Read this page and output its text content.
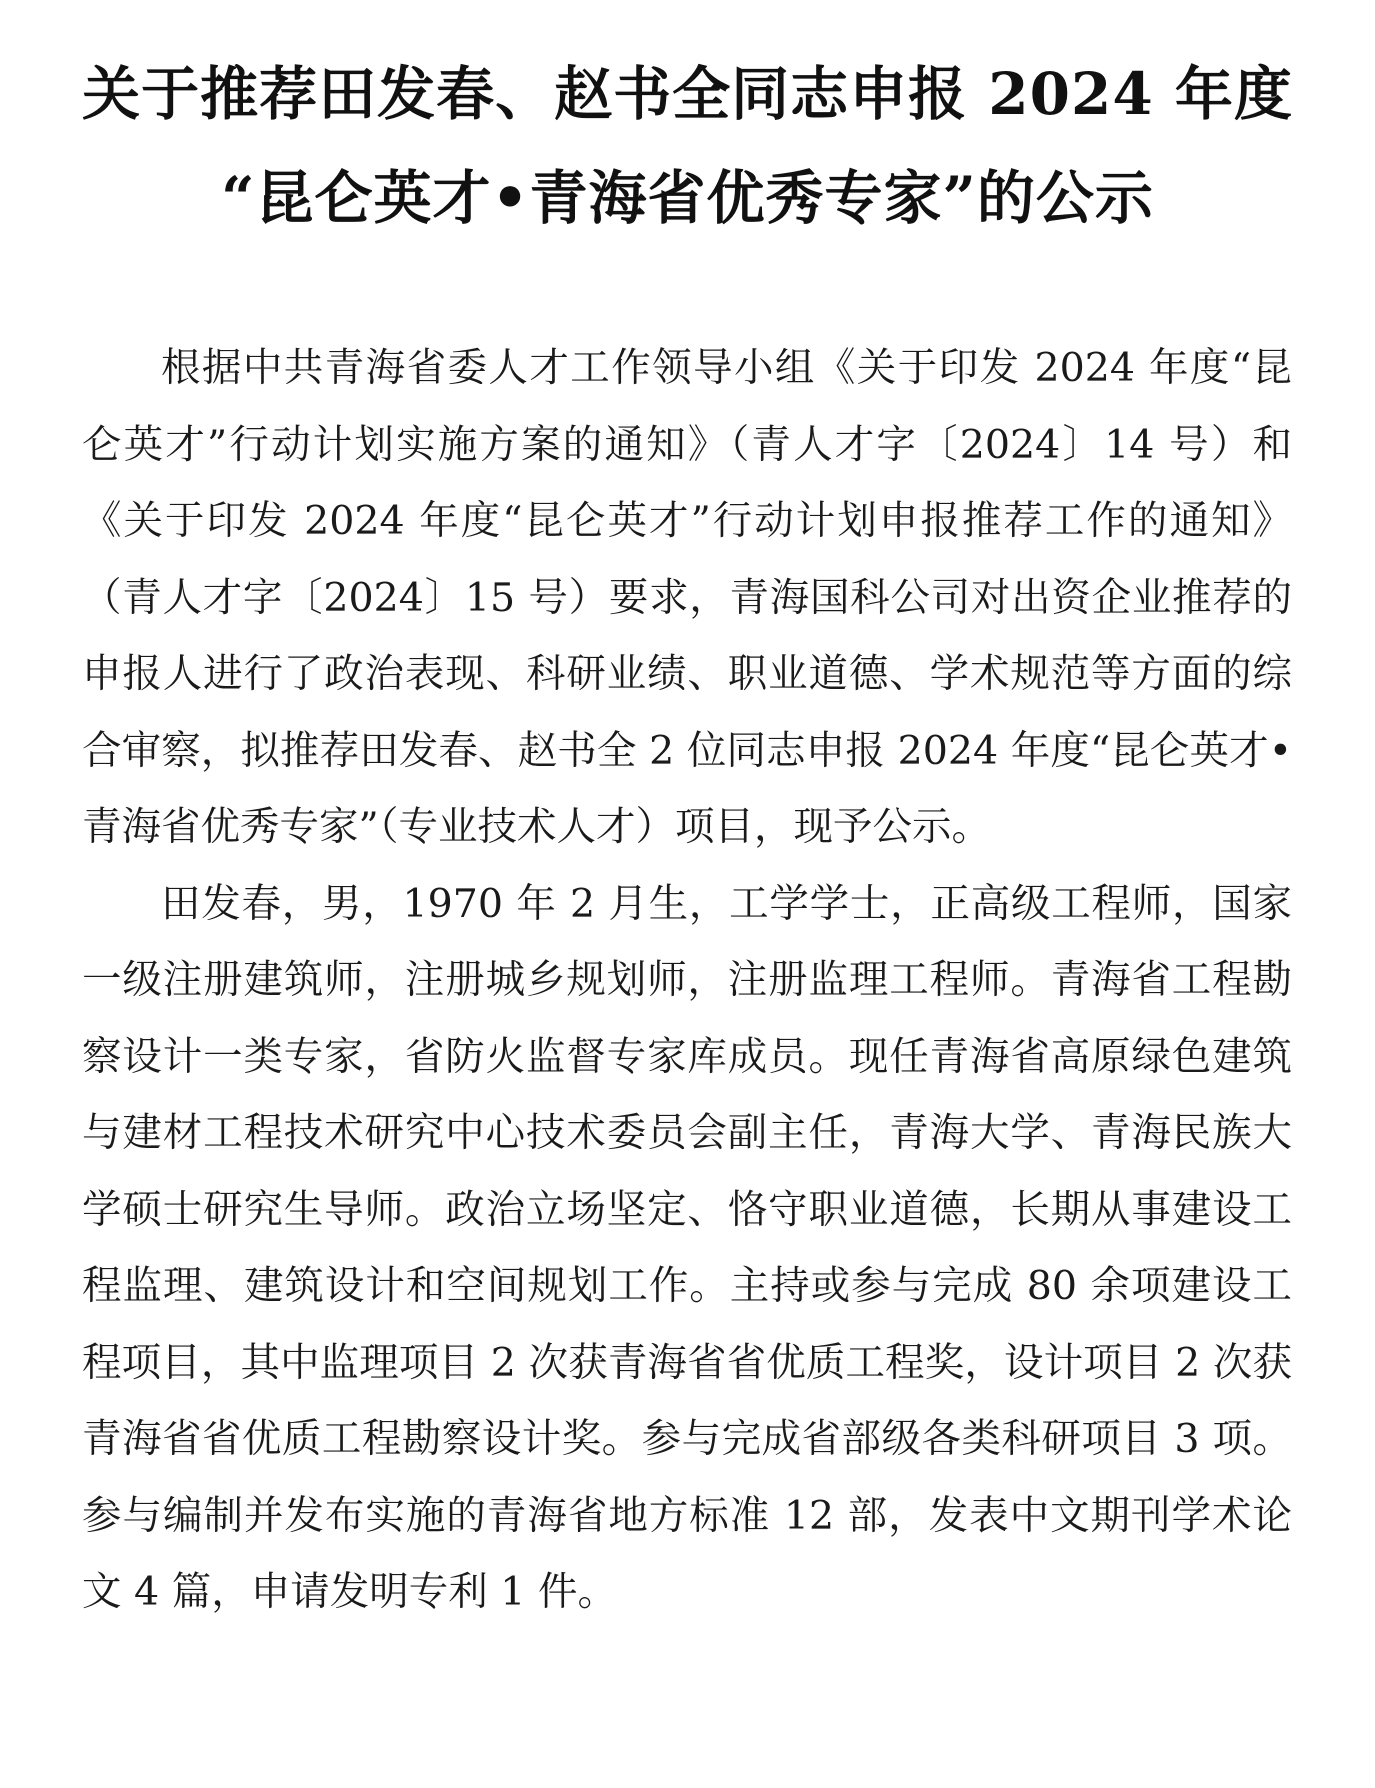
关于推荐田发春、赵书全同志申报 2024 年度
“昆仑英才•青海省优秀专家”的公示

根据中共青海省委人才工作领导小组《关于印发 2024 年度“昆仑英才”行动计划实施方案的通知》（青人才字〔2024〕14 号）和《关于印发 2024 年度“昆仑英才”行动计划申报推荐工作的通知》（青人才字〔2024〕15 号）要求，青海国科公司对出资企业推荐的申报人进行了政治表现、科研业绩、职业道德、学术规范等方面的综合审察，拟推荐田发春、赵书全 2 位同志申报 2024 年度“昆仑英才•青海省优秀专家”（专业技术人才）项目，现予公示。

田发春，男，1970 年 2 月生，工学学士，正高级工程师，国家一级注册建筑师，注册城乡规划师，注册监理工程师。青海省工程勘察设计一类专家，省防火监督专家库成员。现任青海省高原绿色建筑与建材工程技术研究中心技术委员会副主任，青海大学、青海民族大学硕士研究生导师。政治立场坚定、恪守职业道德，长期从事建设工程监理、建筑设计和空间规划工作。主持或参与完成 80 余项建设工程项目，其中监理项目 2 次获青海省省优质工程奖，设计项目 2 次获青海省省优质工程勘察设计奖。参与完成省部级各类科研项目 3 项。参与编制并发布实施的青海省地方标准 12 部，发表中文期刊学术论文 4 篇，申请发明专利 1 件。
